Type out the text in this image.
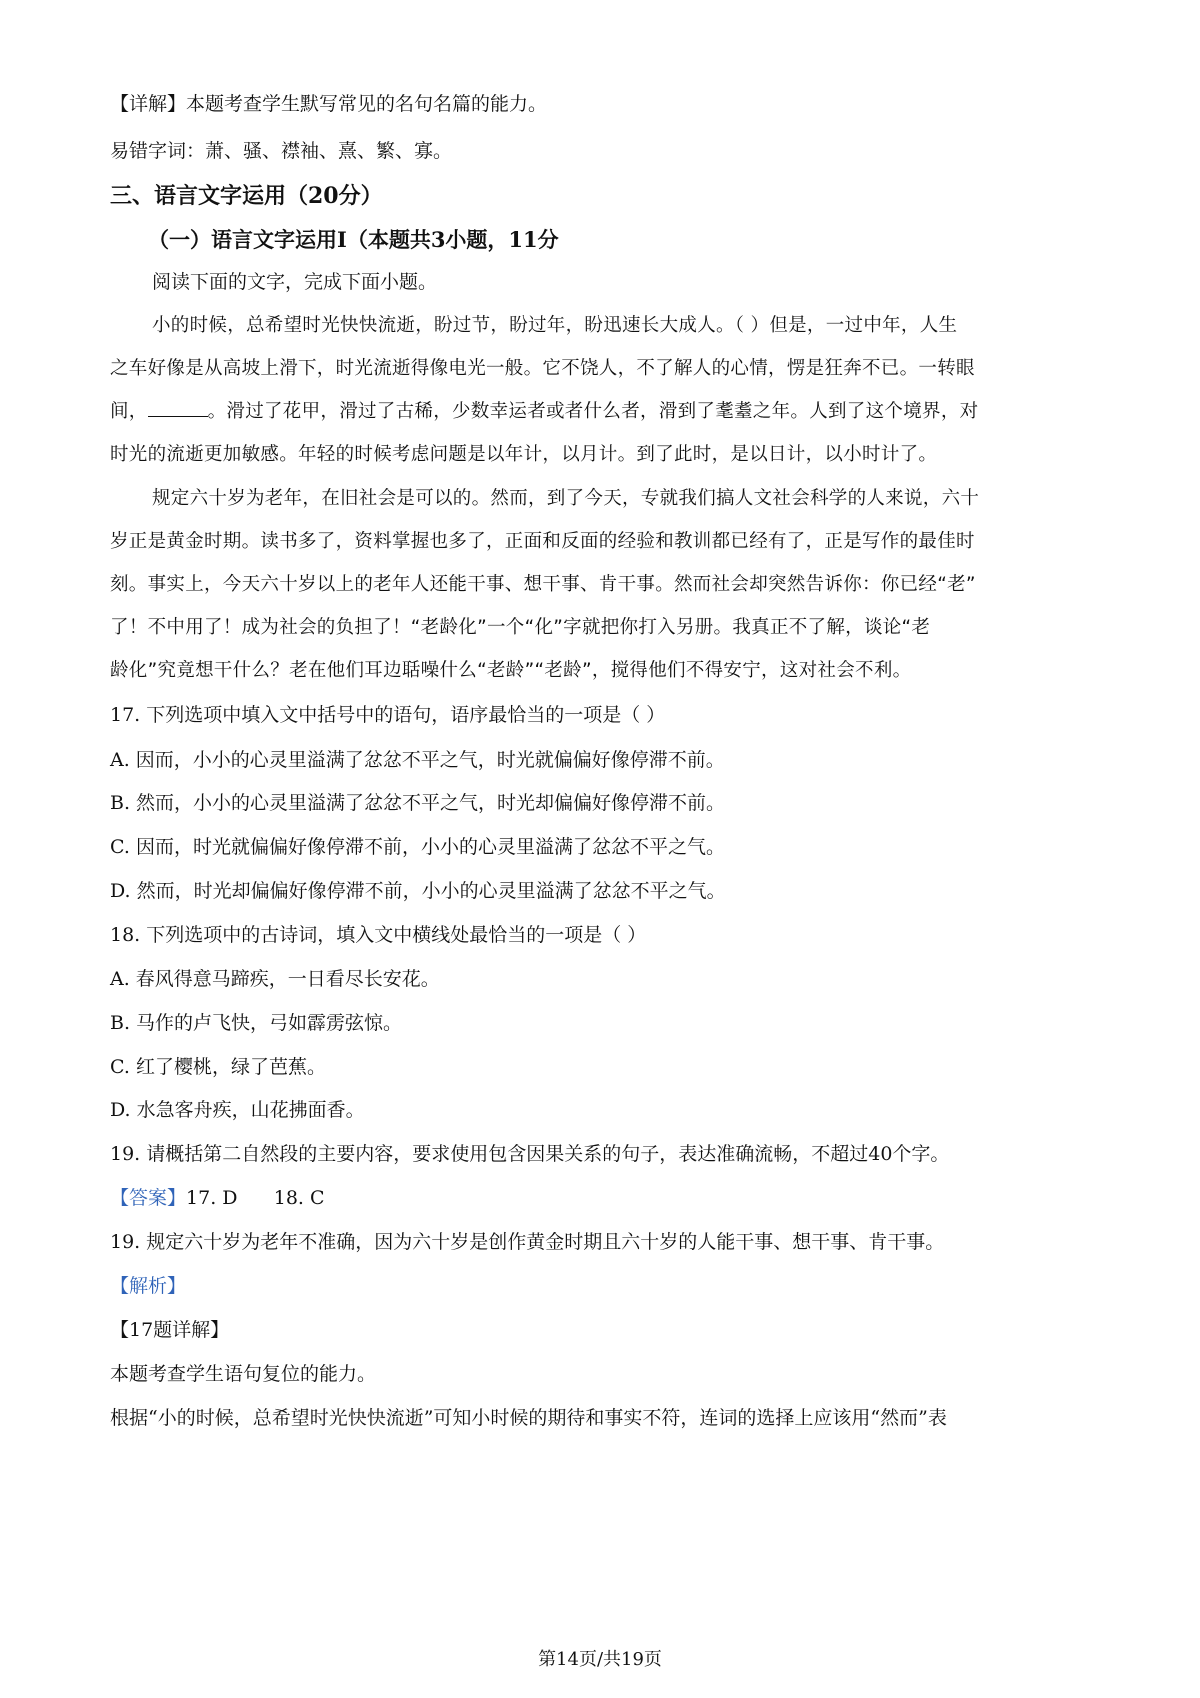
【详解】本题考查学生默写常见的名句名篇的能力。
易错字词：萧、骚、襟袖、熹、繁、寡。
三、语言文字运用（20分）
（一）语言文字运用Ⅰ（本题共3小题，11分
阅读下面的文字，完成下面小题。
小的时候，总希望时光快快流逝，盼过节，盼过年，盼迅速长大成人。（ ）但是，一过中年，人生
之车好像是从高坡上滑下，时光流逝得像电光一般。它不饶人，不了解人的心情，愣是狂奔不已。一转眼
间，	。滑过了花甲，滑过了古稀，少数幸运者或者什么者，滑到了耄耋之年。人到了这个境界，对
时光的流逝更加敏感。年轻的时候考虑问题是以年计，以月计。到了此时，是以日计，以小时计了。
规定六十岁为老年，在旧社会是可以的。然而，到了今天，专就我们搞人文社会科学的人来说，六十
岁正是黄金时期。读书多了，资料掌握也多了，正面和反面的经验和教训都已经有了，正是写作的最佳时
刻。事实上，今天六十岁以上的老年人还能干事、想干事、肯干事。然而社会却突然告诉你：你已经“老”
了！不中用了！成为社会的负担了！“老龄化”一个“化”字就把你打入另册。我真正不了解，谈论“老
龄化”究竟想干什么？老在他们耳边聒噪什么“老龄”“老龄”，搅得他们不得安宁，这对社会不利。
17. 下列选项中填入文中括号中的语句，语序最恰当的一项是（ ）
A. 因而，小小的心灵里溢满了忿忿不平之气，时光就偏偏好像停滞不前。
B. 然而，小小的心灵里溢满了忿忿不平之气，时光却偏偏好像停滞不前。
C. 因而，时光就偏偏好像停滞不前，小小的心灵里溢满了忿忿不平之气。
D. 然而，时光却偏偏好像停滞不前，小小的心灵里溢满了忿忿不平之气。
18. 下列选项中的古诗词，填入文中横线处最恰当的一项是（ ）
A. 春风得意马蹄疾，一日看尽长安花。
B. 马作的卢飞快，弓如霹雳弦惊。
C. 红了樱桃，绿了芭蕉。
D. 水急客舟疾，山花拂面香。
19. 请概括第二自然段的主要内容，要求使用包含因果关系的句子，表达准确流畅，不超过40个字。
【答案】17. D      18. C
19. 规定六十岁为老年不准确，因为六十岁是创作黄金时期且六十岁的人能干事、想干事、肯干事。
【解析】
【17题详解】
本题考查学生语句复位的能力。
根据“小的时候，总希望时光快快流逝”可知小时候的期待和事实不符，连词的选择上应该用“然而”表
第14页/共19页
